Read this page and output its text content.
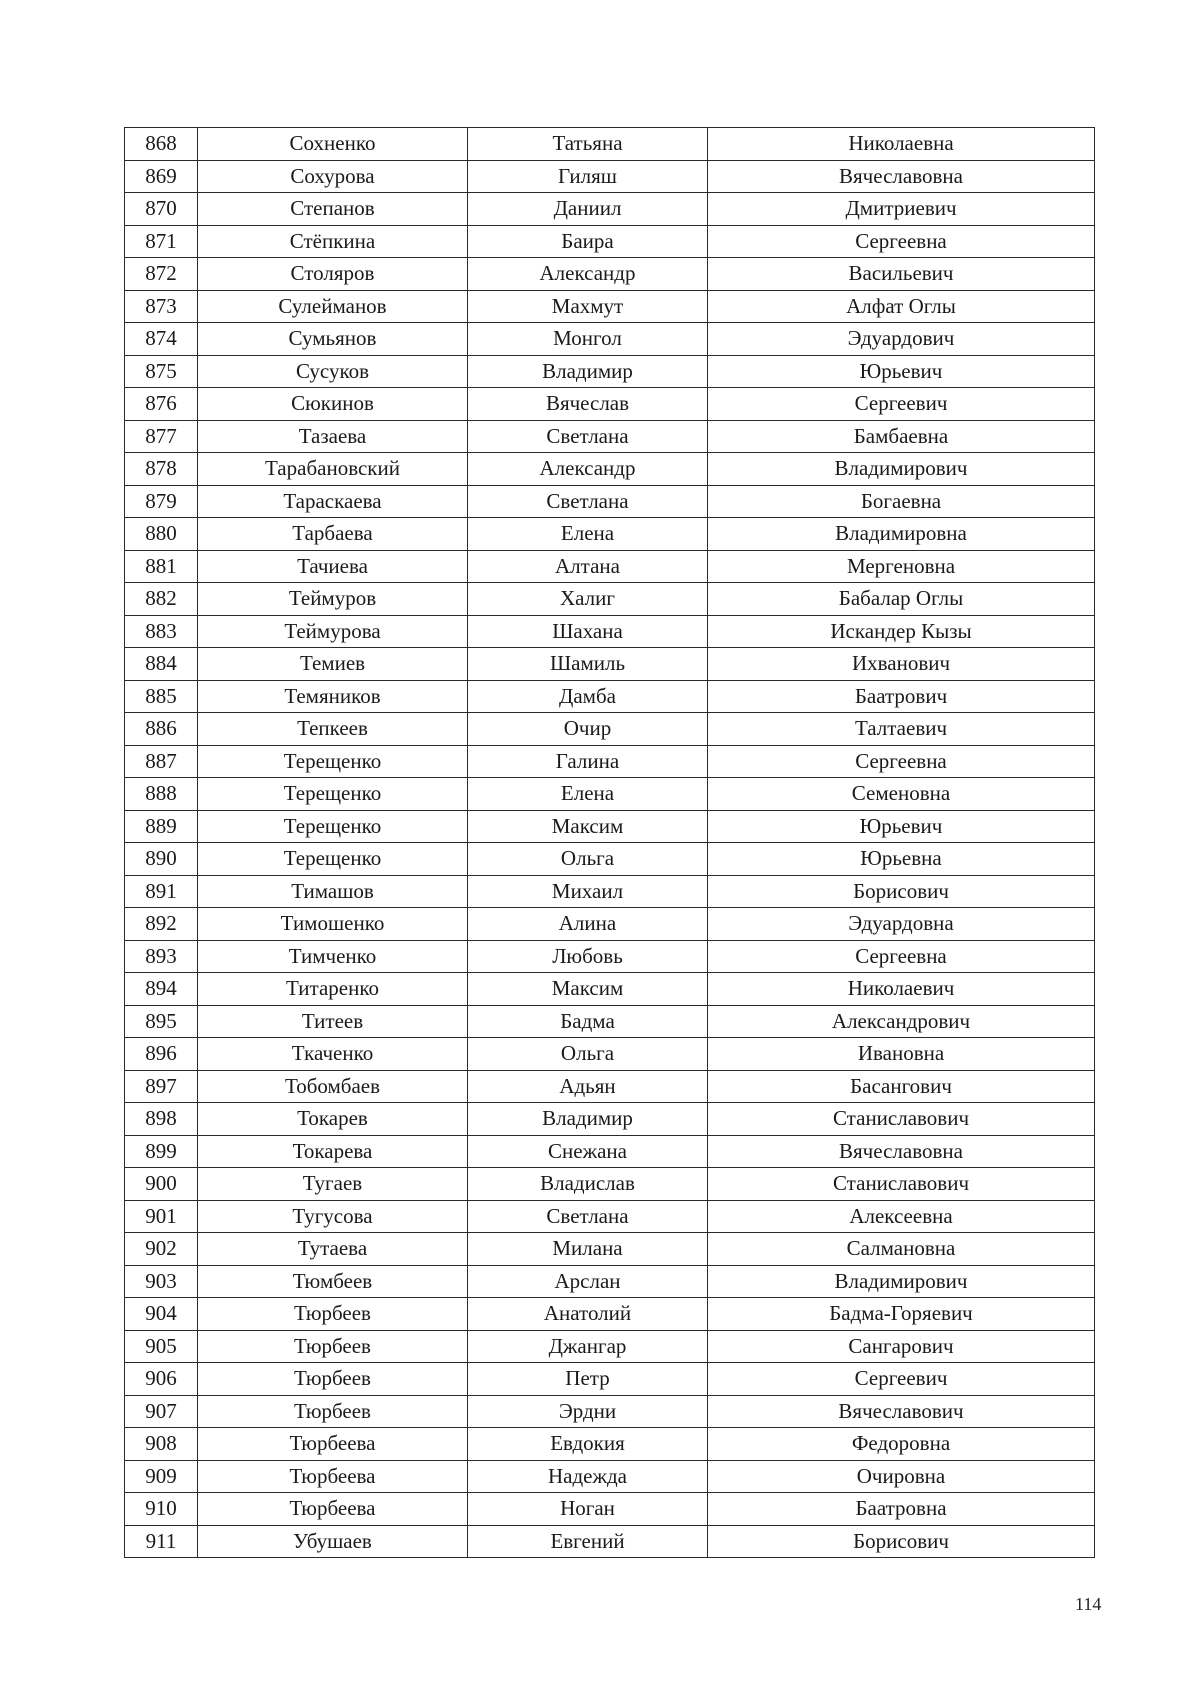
868	Сохненко	Татьяна	Николаевна
869	Сохурова	Гиляш	Вячеславовна
870	Степанов	Даниил	Дмитриевич
871	Стёпкина	Баира	Сергеевна
872	Столяров	Александр	Васильевич
873	Сулейманов	Махмут	Алфат Оглы
874	Сумьянов	Монгол	Эдуардович
875	Сусуков	Владимир	Юрьевич
876	Сюкинов	Вячеслав	Сергеевич
877	Тазаева	Светлана	Бамбаевна
878	Тарабановский	Александр	Владимирович
879	Тараскаева	Светлана	Богаевна
880	Тарбаева	Елена	Владимировна
881	Тачиева	Алтана	Мергеновна
882	Теймуров	Халиг	Бабалар Оглы
883	Теймурова	Шахана	Искандер Кызы
884	Темиев	Шамиль	Ихванович
885	Темяников	Дамба	Баатрович
886	Тепкеев	Очир	Талтаевич
887	Терещенко	Галина	Сергеевна
888	Терещенко	Елена	Семеновна
889	Терещенко	Максим	Юрьевич
890	Терещенко	Ольга	Юрьевна
891	Тимашов	Михаил	Борисович
892	Тимошенко	Алина	Эдуардовна
893	Тимченко	Любовь	Сергеевна
894	Титаренко	Максим	Николаевич
895	Титеев	Бадма	Александрович
896	Ткаченко	Ольга	Ивановна
897	Тобомбаев	Адьян	Басангович
898	Токарев	Владимир	Станиславович
899	Токарева	Снежана	Вячеславовна
900	Тугаев	Владислав	Станиславович
901	Тугусова	Светлана	Алексеевна
902	Тутаева	Милана	Салмановна
903	Тюмбеев	Арслан	Владимирович
904	Тюрбеев	Анатолий	Бадма-Горяевич
905	Тюрбеев	Джангар	Сангарович
906	Тюрбеев	Петр	Сергеевич
907	Тюрбеев	Эрдни	Вячеславович
908	Тюрбеева	Евдокия	Федоровна
909	Тюрбеева	Надежда	Очировна
910	Тюрбеева	Ноган	Баатровна
911	Убушаев	Евгений	Борисович
114
